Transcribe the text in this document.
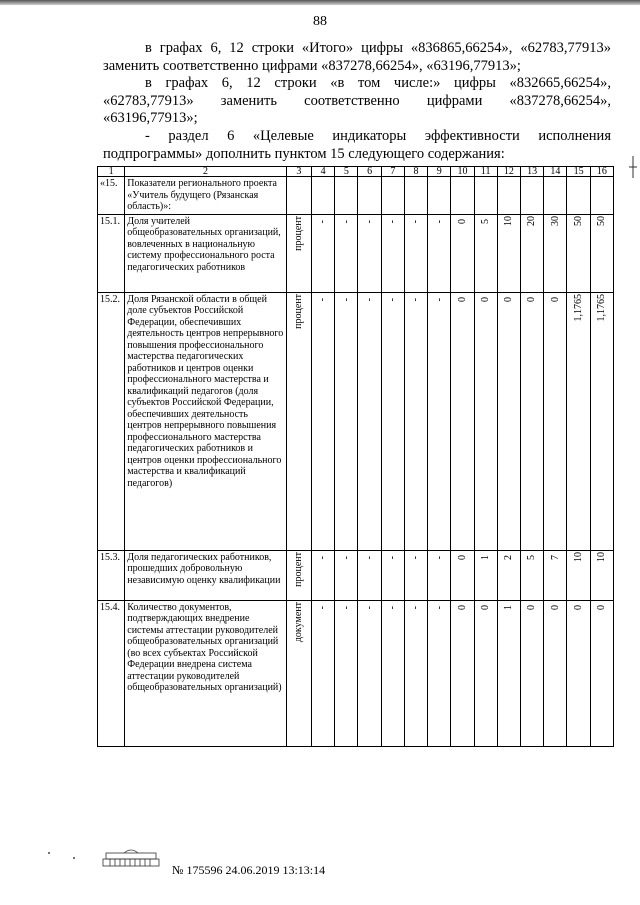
88
в графах 6, 12 строки «Итого» цифры «836865,66254», «62783,77913»
заменить соответственно цифрами «837278,66254», «63196,77913»;
в графах 6, 12 строки «в том числе:» цифры «832665,66254»,
«62783,77913» заменить соответственно цифрами «837278,66254»,
«63196,77913»;
- раздел 6 «Целевые индикаторы эффективности исполнения
подпрограммы» дополнить пунктом 15 следующего содержания:
1	2	3	4	5	6	7	8	9	10	11	12	13	14	15	16
«15.	Показатели регионального проекта «Учитель будущего (Рязанская область)»:														
15.1.	Доля учителей общеобразовательных организаций, вовлеченных в национальную систему профессионального роста педагогических работников	процент	-	-	-	-	-	-	0	5	10	20	30	50	50
15.2.	Доля Рязанской области в общей доле субъектов Российской Федерации, обеспечивших деятельность центров непрерывного повышения профессионального мастерства педагогических работников и центров оценки профессионального мастерства и квалификаций педагогов (доля субъектов Российской Федерации, обеспечивших деятельность центров непрерывного повышения профессионального мастерства педагогических работников и центров оценки профессионального мастерства и квалификаций педагогов)	процент	-	-	-	-	-	-	0	0	0	0	0	1,1765	1,1765
15.3.	Доля педагогических работников, прошедших добровольную независимую оценку квалификации	процент	-	-	-	-	-	-	0	1	2	5	7	10	10
15.4.	Количество документов, подтверждающих внедрение системы аттестации руководителей общеобразовательных организаций (во всех субъектах Российской Федерации внедрена система аттестации руководителей общеобразовательных организаций)	документ	-	-	-	-	-	-	0	0	1	0	0	0	0
№ 175596 24.06.2019 13:13:14
